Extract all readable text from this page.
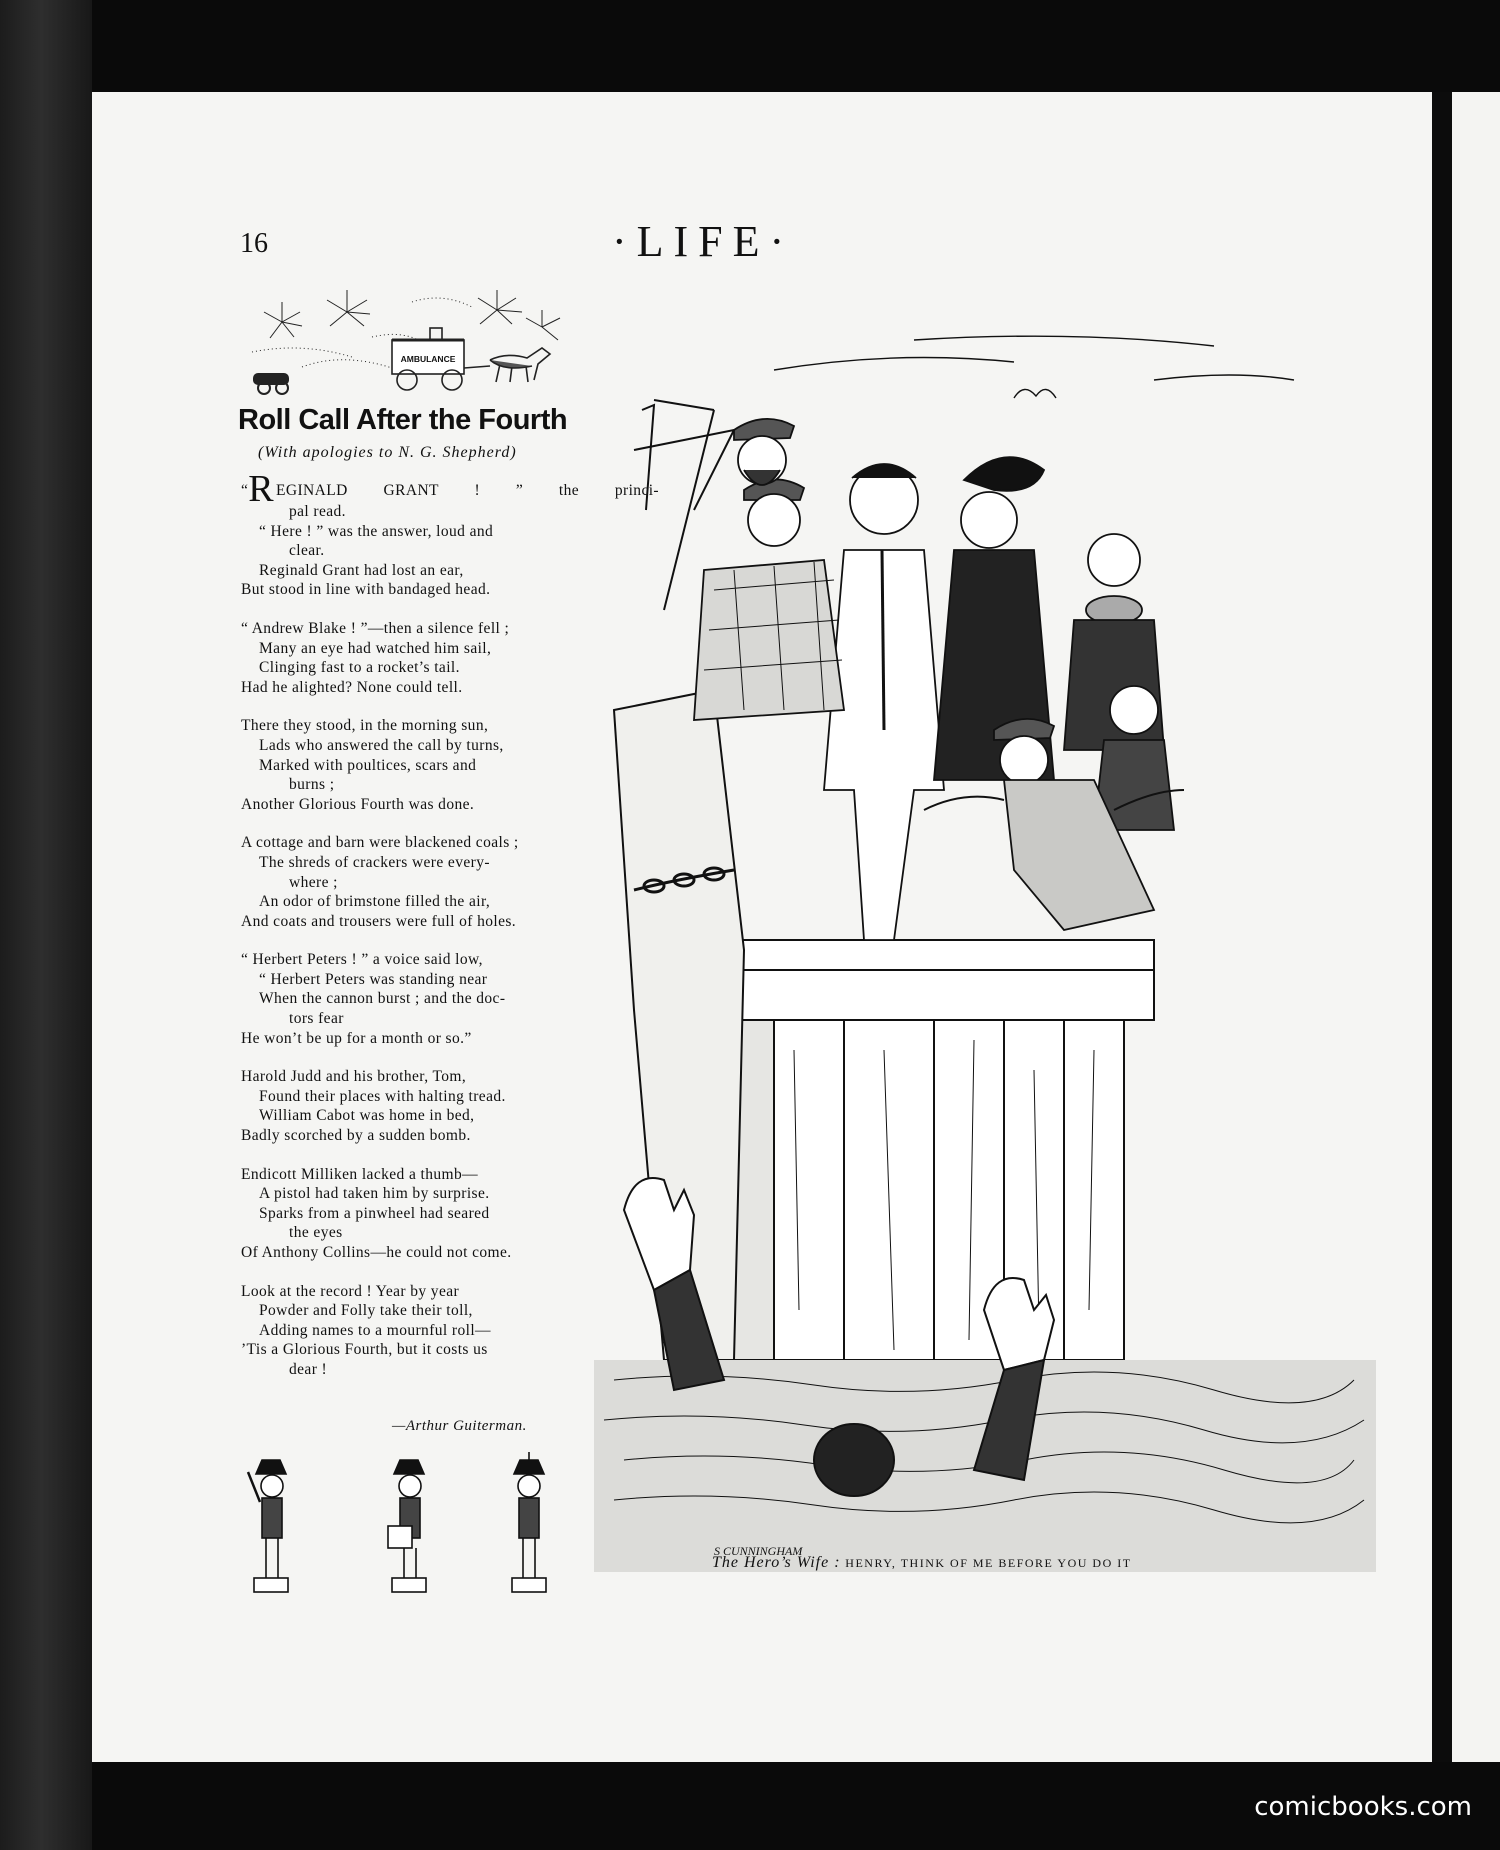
16	·LIFE·
AMBULANCE
Roll Call After the Fourth
(With apologies to N. G. Shepherd)
“R EGINALD GRANT ! ” the princi-
pal read.
“ Here ! ” was the answer, loud and
clear.
Reginald Grant had lost an ear,
But stood in line with bandaged head.
“ Andrew Blake ! ”—then a silence fell ;
Many an eye had watched him sail,
Clinging fast to a rocket’s tail.
Had he alighted? None could tell.
There they stood, in the morning sun,
Lads who answered the call by turns,
Marked with poultices, scars and
burns ;
Another Glorious Fourth was done.
A cottage and barn were blackened coals ;
The shreds of crackers were every-
where ;
An odor of brimstone filled the air,
And coats and trousers were full of holes.
“ Herbert Peters ! ” a voice said low,
“ Herbert Peters was standing near
When the cannon burst ; and the doc-
tors fear
He won’t be up for a month or so.”
Harold Judd and his brother, Tom,
Found their places with halting tread.
William Cabot was home in bed,
Badly scorched by a sudden bomb.
Endicott Milliken lacked a thumb—
A pistol had taken him by surprise.
Sparks from a pinwheel had seared
the eyes
Of Anthony Collins—he could not come.
Look at the record ! Year by year
Powder and Folly take their toll,
Adding names to a mournful roll—
’Tis a Glorious Fourth, but it costs us
dear !
—Arthur Guiterman.
S CUNNINGHAM
The Hero’s Wife : HENRY, THINK OF ME BEFORE YOU DO IT
comicbooks.com
